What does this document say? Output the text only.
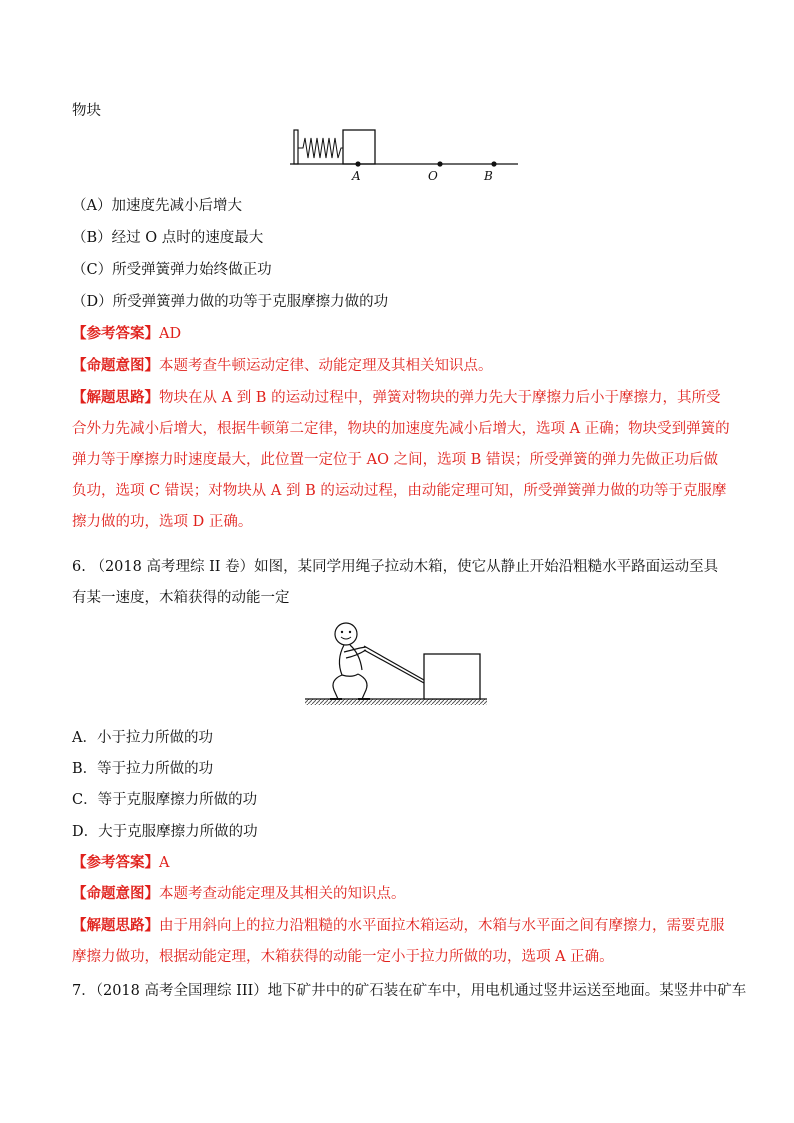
物块
A	O	B
（A）加速度先减小后增大
（B）经过 O 点时的速度最大
（C）所受弹簧弹力始终做正功
（D）所受弹簧弹力做的功等于克服摩擦力做的功
【参考答案】AD
【命题意图】本题考查牛顿运动定律、动能定理及其相关知识点。
【解题思路】物块在从 A 到 B 的运动过程中，弹簧对物块的弹力先大于摩擦力后小于摩擦力，其所受合外力先减小后增大，根据牛顿第二定律，物块的加速度先减小后增大，选项 A 正确；物块受到弹簧的弹力等于摩擦力时速度最大，此位置一定位于 AO 之间，选项 B 错误；所受弹簧的弹力先做正功后做负功，选项 C 错误；对物块从 A 到 B 的运动过程，由动能定理可知，所受弹簧弹力做的功等于克服摩擦力做的功，选项 D 正确。
6. （2018 高考理综 II 卷）如图，某同学用绳子拉动木箱，使它从静止开始沿粗糙水平路面运动至具有某一速度，木箱获得的动能一定
A．小于拉力所做的功
B．等于拉力所做的功
C．等于克服摩擦力所做的功
D．大于克服摩擦力所做的功
【参考答案】A
【命题意图】本题考查动能定理及其相关的知识点。
【解题思路】由于用斜向上的拉力沿粗糙的水平面拉木箱运动，木箱与水平面之间有摩擦力，需要克服摩擦力做功，根据动能定理，木箱获得的动能一定小于拉力所做的功，选项 A 正确。
7．（2018 高考全国理综 III）地下矿井中的矿石装在矿车中，用电机通过竖井运送至地面。某竖井中矿车
